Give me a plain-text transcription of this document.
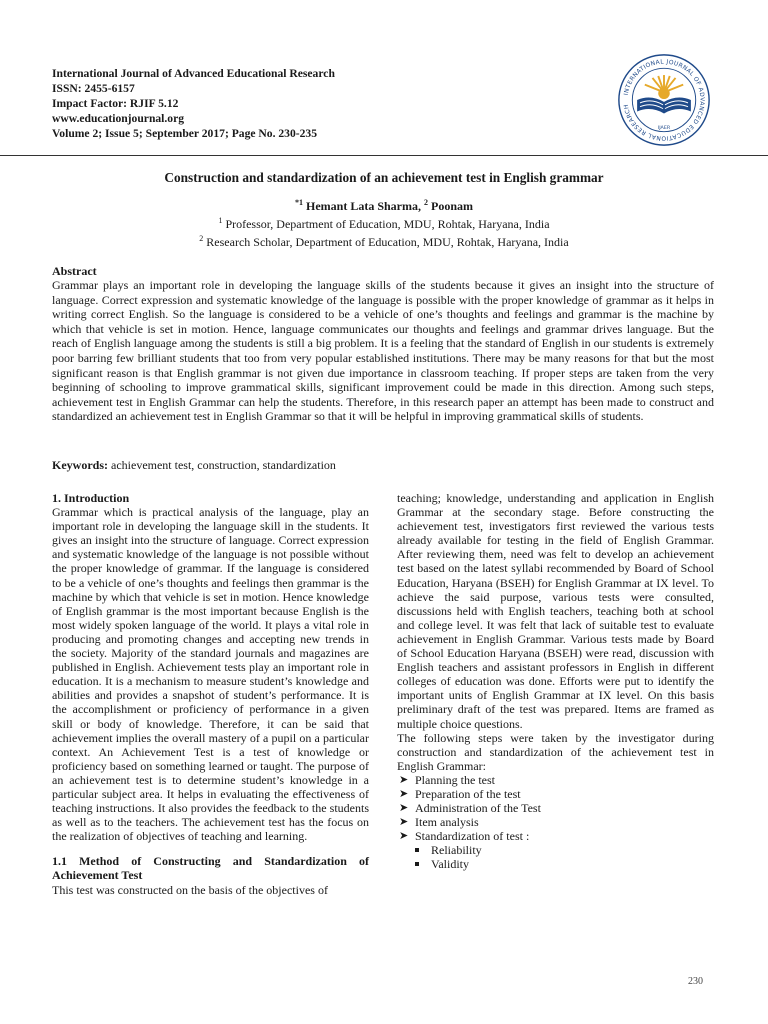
International Journal of Advanced Educational Research
ISSN: 2455-6157
Impact Factor: RJIF 5.12
www.educationjournal.org
Volume 2; Issue 5; September 2017; Page No. 230-235
INTERNATIONAL JOURNAL OF ADVANCED EDUCATIONAL RESEARCH
IJAER
Construction and standardization of an achievement test in English grammar
$^{*1}$ Hemant Lata Sharma, $^2$ Poonam
$^1$ Professor, Department of Education, MDU, Rohtak, Haryana, India
$^2$ Research Scholar, Department of Education, MDU, Rohtak, Haryana, India
Abstract

Grammar plays an important role in developing the language skills of the students because it gives an insight into the structure of language. Correct expression and systematic knowledge of the language is possible with the proper knowledge of grammar as it helps in writing correct English. So the language is considered to be a vehicle of one’s thoughts and feelings and grammar is the machine by which that vehicle is set in motion. Hence, language communicates our thoughts and feelings and grammar drives language. But the reach of English language among the students is still a big problem. It is a feeling that the standard of English in our students is extremely poor barring few brilliant students that too from very popular established institutions. There may be many reasons for that but the most significant reason is that English grammar is not given due importance in classroom teaching. If proper steps are taken from the very beginning of schooling to improve grammatical skills, significant improvement could be made in this direction. Among such steps, achievement test in English Grammar can help the students. Therefore, in this research paper an attempt has been made to construct and standardized an achievement test in English Grammar so that it will be helpful in improving grammatical skills of students.

Keywords: achievement test, construction, standardization
1. Introduction

Grammar which is practical analysis of the language, play an important role in developing the language skill in the students. It gives an insight into the structure of language. Correct expression and systematic knowledge of the language is not possible without the proper knowledge of grammar. If the language is considered to be a vehicle of one’s thoughts and feelings then grammar is the machine by which that vehicle is set in motion. Hence knowledge of English grammar is the most important because English is the most widely spoken language of the world. It plays a vital role in producing and promoting changes and accepting new trends in the society. Majority of the standard journals and magazines are published in English. Achievement tests play an important role in education. It is a mechanism to measure student’s knowledge and abilities and provides a snapshot of student’s performance. It is the accomplishment or proficiency of performance in a given skill or body of knowledge. Therefore, it can be said that achievement implies the overall mastery of a pupil on a particular context. An Achievement Test is a test of knowledge or proficiency based on something learned or taught. The purpose of an achievement test is to determine student’s knowledge in a particular subject area. It helps in evaluating the effectiveness of teaching instructions. It also provides the feedback to the students as well as to the teachers. The achievement test has the focus on the realization of objectives of teaching and learning.

1.1 Method of Constructing and Standardization of Achievement Test

This test was constructed on the basis of the objectives of

teaching; knowledge, understanding and application in English Grammar at the secondary stage. Before constructing the achievement test, investigators first reviewed the various tests already available for testing in the field of English Grammar. After reviewing them, need was felt to develop an achievement test based on the latest syllabi recommended by Board of School Education, Haryana (BSEH) for English Grammar at IX level. To achieve the said purpose, various tests were consulted, discussions held with English teachers, teaching both at school and college level. It was felt that lack of suitable test to evaluate achievement in English Grammar. Various tests made by Board of School Education Haryana (BSEH) were read, discussion with English teachers and assistant professors in English in different colleges of education was done. Efforts were put to identify the important units of English Grammar at IX level. On this basis preliminary draft of the test was prepared. Items are framed as multiple choice questions.

The following steps were taken by the investigator during construction and standardization of the achievement test in English Grammar:

➤ Planning the test
➤ Preparation of the test
➤ Administration of the Test
➤ Item analysis
➤ Standardization of test :
Reliability
Validity
230
